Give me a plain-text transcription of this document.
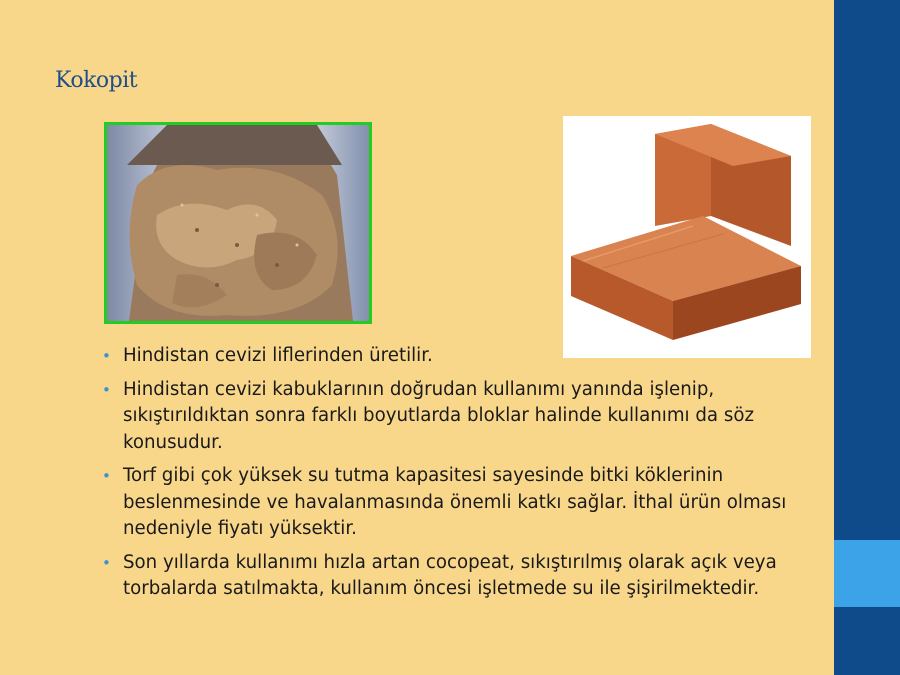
Kokopit
• Hindistan cevizi liflerinden üretilir.
• Hindistan cevizi kabuklarının doğrudan kullanımı yanında işlenip, sıkıştırıldıktan sonra farklı boyutlarda bloklar halinde kullanımı da söz konusudur.
• Torf gibi çok yüksek su tutma kapasitesi sayesinde bitki köklerinin beslenmesinde ve havalanmasında önemli katkı sağlar. İthal ürün olması nedeniyle fiyatı yüksektir.
• Son yıllarda kullanımı hızla artan cocopeat, sıkıştırılmış olarak açık veya torbalarda satılmakta, kullanım öncesi işletmede su ile şişirilmektedir.
